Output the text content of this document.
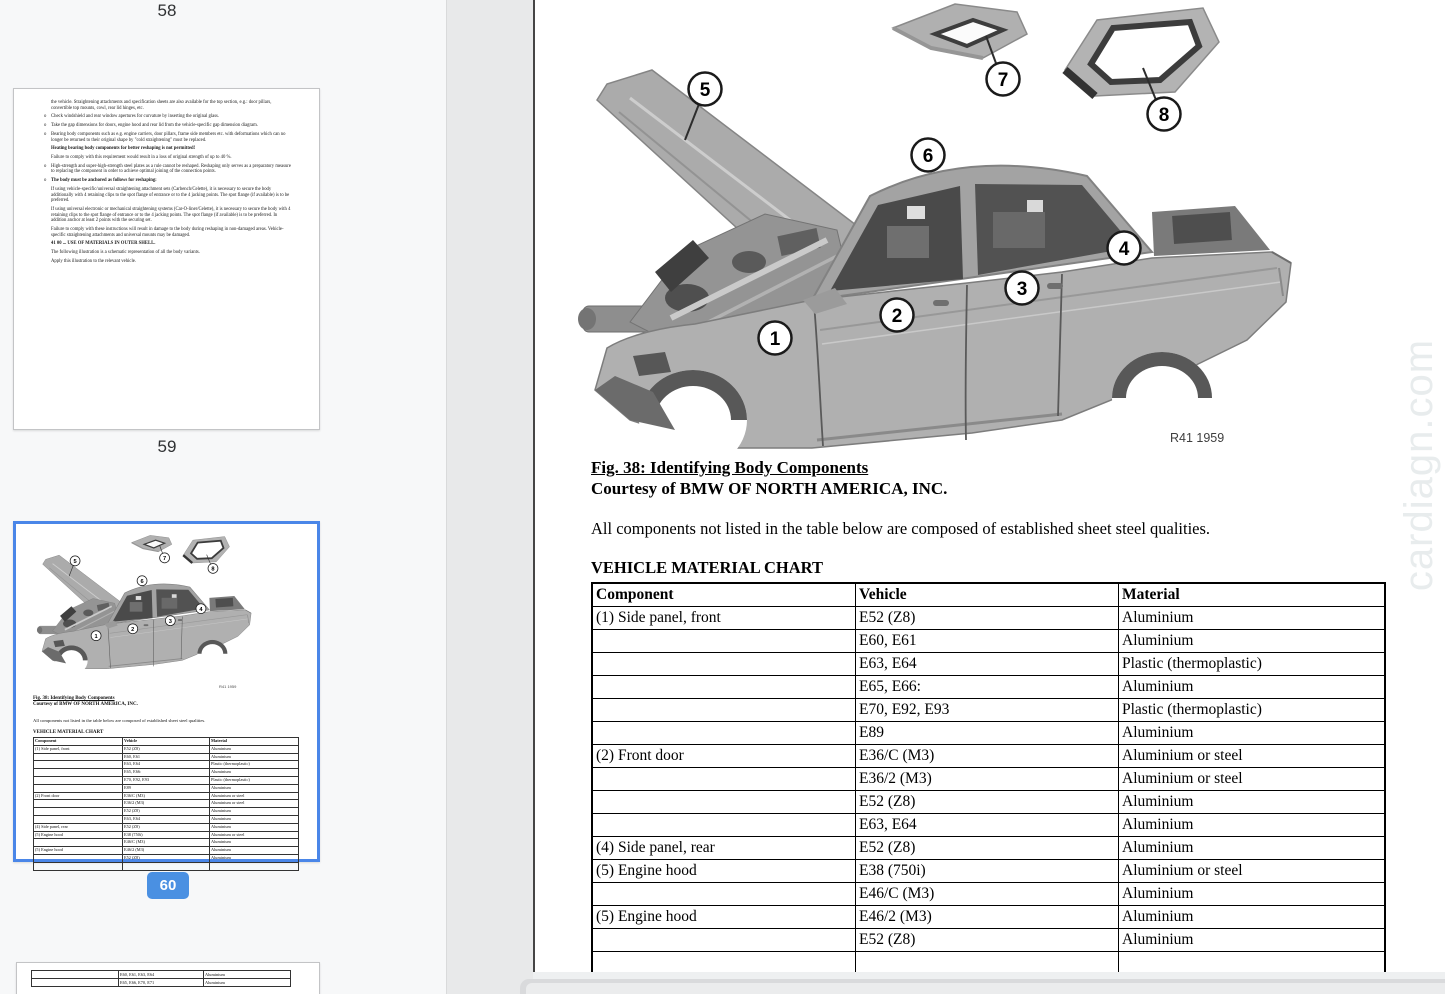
1
2
3
4
5
6
7
8
R41 1959
Fig. 38: Identifying Body Components
Courtesy of BMW OF NORTH AMERICA, INC.
All components not listed in the table below are composed of established sheet steel qualities.
VEHICLE MATERIAL CHART
Component	Vehicle	Material
(1) Side panel, front	E52 (Z8)	Aluminium
	E60, E61	Aluminium
	E63, E64	Plastic (thermoplastic)
	E65, E66:	Aluminium
	E70, E92, E93	Plastic (thermoplastic)
	E89	Aluminium
(2) Front door	E36/C (M3)	Aluminium or steel
	E36/2 (M3)	Aluminium or steel
	E52 (Z8)	Aluminium
	E63, E64	Aluminium
(4) Side panel, rear	E52 (Z8)	Aluminium
(5) Engine hood	E38 (750i)	Aluminium or steel
	E46/C (M3)	Aluminium
(5) Engine hood	E46/2 (M3)	Aluminium
	E52 (Z8)	Aluminium

cardiagn.com
58
the vehicle. Straightening attachments and specification sheets are also available for the top section, e.g.: door pillars, convertible top mounts, cowl, rear lid hinges, etc.
o Check windshield and rear window apertures for curvature by inserting the original glass.
o Take the gap dimensions for doors, engine hood and rear lid from the vehicle-specific gap dimension diagram.
o Bearing body components such as e.g. engine carriers, door pillars, frame side members etc. with deformations which can no longer be returned to their original shape by "cold straightening" must be replaced.
Heating bearing body components for better reshaping is not permitted!
Failure to comply with this requirement would result in a loss of original strength of up to 40 %.
o High-strength and super-high-strength steel plates as a rule cannot be reshaped. Reshaping only serves as a preparatory measure to replacing the component in order to achieve optimal joining of the connection points.
o The body must be anchored as follows for reshaping:
If using vehicle-specific/universal straightening attachment sets (Carbench/Celette), it is necessary to secure the body additionally with 4 retaining clips to the spot flange of entrance or to the 4 jacking points. The spot flange (if available) is to be preferred.
If using universal electronic or mechanical straightening systems (Car-O-liner/Celette), it is necessary to secure the body with 4 retaining clips to the spot flange of entrance or to the 4 jacking points. The spot flange (if available) is to be preferred. In addition anchor at least 2 points with the securing set.
Failure to comply with these instructions will result in damage to the body during reshaping in non-damaged areas. Vehicle-specific straightening attachments and universal mounts may be damaged.
41 00 ... USE OF MATERIALS IN OUTER SHELL.
The following illustration is a schematic representation of all the body variants.
Apply this illustration to the relevant vehicle.
59
R41 1959
Fig. 38: Identifying Body Components
Courtesy of BMW OF NORTH AMERICA, INC.
All components not listed in the table below are composed of established sheet steel qualities.
VEHICLE MATERIAL CHART
Component	Vehicle	Material
(1) Side panel, front	E52 (Z8)	Aluminium
	E60, E61	Aluminium
	E63, E64	Plastic (thermoplastic)
	E65, E66:	Aluminium
	E70, E92, E93	Plastic (thermoplastic)
	E89	Aluminium
(2) Front door	E36/C (M3)	Aluminium or steel
	E36/2 (M3)	Aluminium or steel
	E52 (Z8)	Aluminium
	E63, E64	Aluminium
(4) Side panel, rear	E52 (Z8)	Aluminium
(5) Engine hood	E38 (750i)	Aluminium or steel
	E46/C (M3)	Aluminium
(5) Engine hood	E46/2 (M3)	Aluminium
	E52 (Z8)	Aluminium

60
	E60, E61, E63, E64	Aluminium
	E65, E66, E70, E71	Aluminium
